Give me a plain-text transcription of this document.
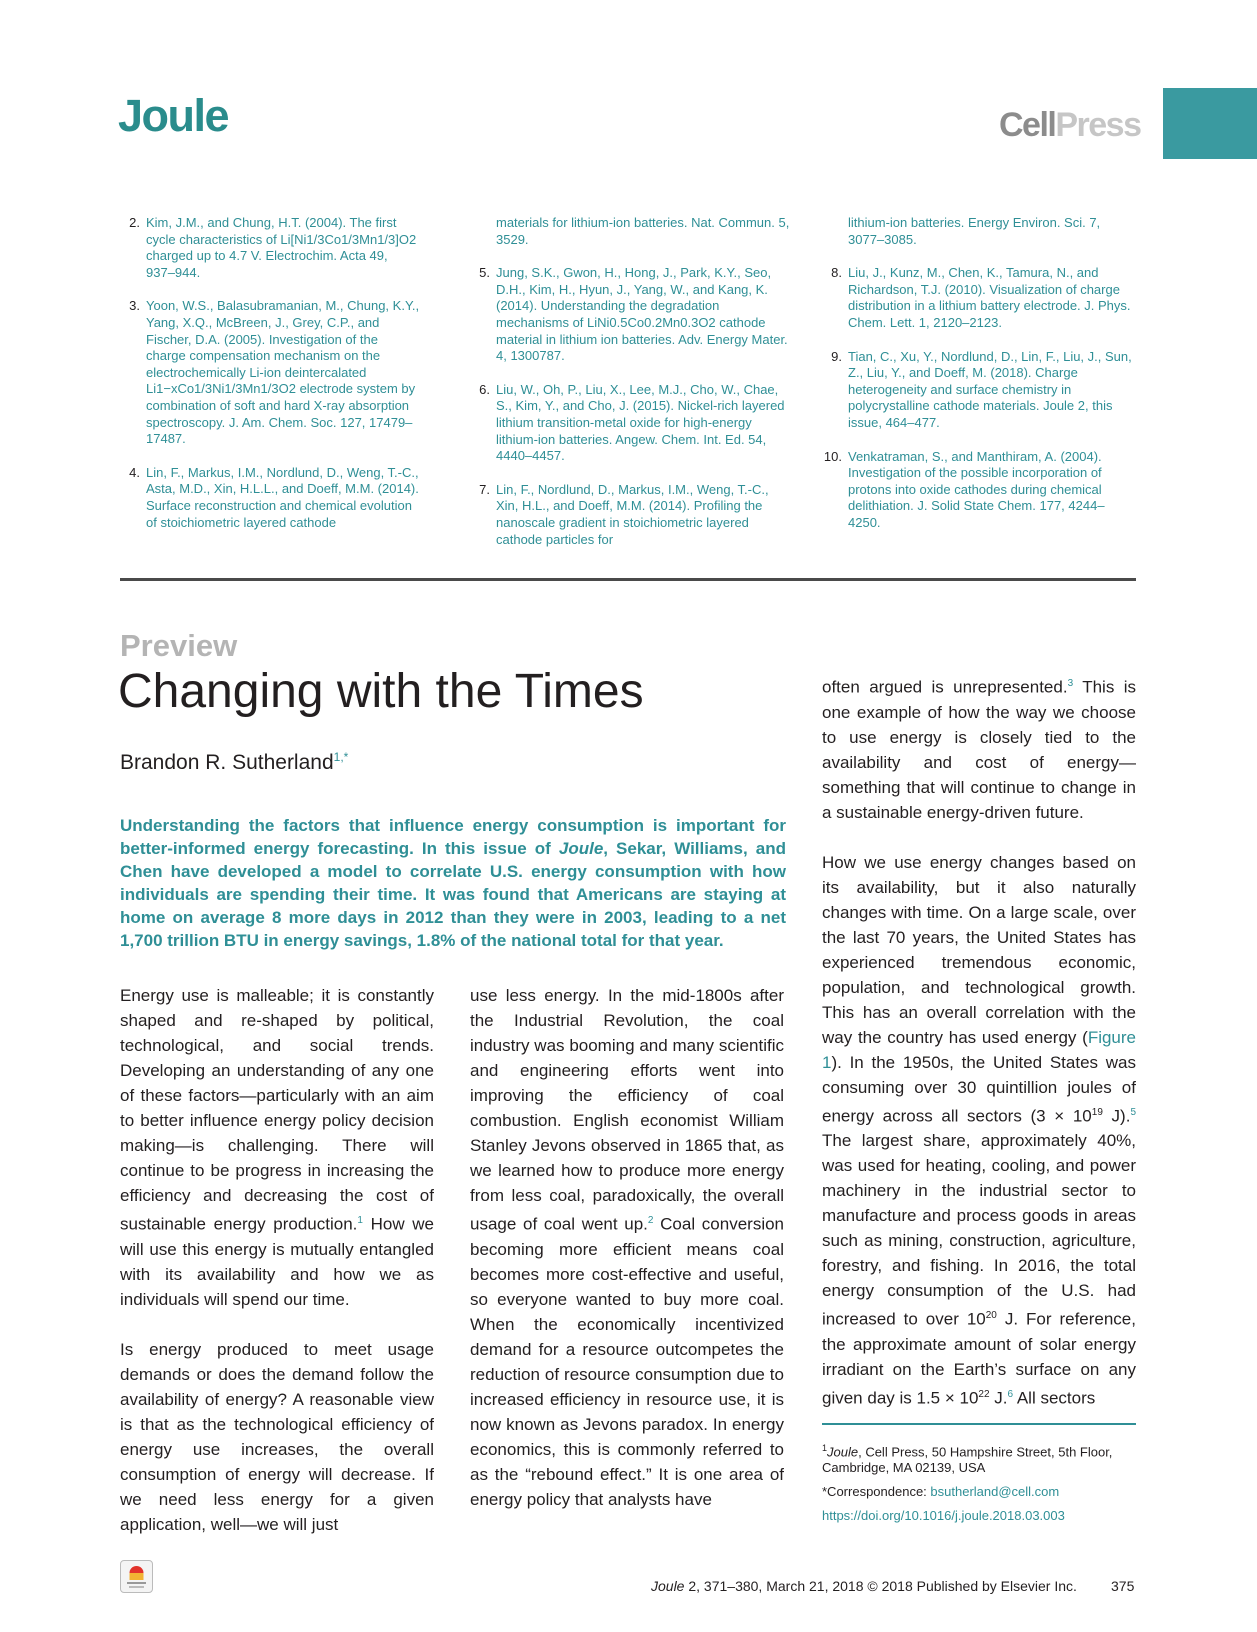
Joule	CellPress
2. Kim, J.M., and Chung, H.T. (2004). The first cycle characteristics of Li[Ni1/3Co1/3Mn1/3]O2 charged up to 4.7 V. Electrochim. Acta 49, 937–944.
3. Yoon, W.S., Balasubramanian, M., Chung, K.Y., Yang, X.Q., McBreen, J., Grey, C.P., and Fischer, D.A. (2005). Investigation of the charge compensation mechanism on the electrochemically Li-ion deintercalated Li1−xCo1/3Ni1/3Mn1/3O2 electrode system by combination of soft and hard X-ray absorption spectroscopy. J. Am. Chem. Soc. 127, 17479–17487.
4. Lin, F., Markus, I.M., Nordlund, D., Weng, T.-C., Asta, M.D., Xin, H.L.L., and Doeff, M.M. (2014). Surface reconstruction and chemical evolution of stoichiometric layered cathode
materials for lithium-ion batteries. Nat. Commun. 5, 3529.
5. Jung, S.K., Gwon, H., Hong, J., Park, K.Y., Seo, D.H., Kim, H., Hyun, J., Yang, W., and Kang, K. (2014). Understanding the degradation mechanisms of LiNi0.5Co0.2Mn0.3O2 cathode material in lithium ion batteries. Adv. Energy Mater. 4, 1300787.
6. Liu, W., Oh, P., Liu, X., Lee, M.J., Cho, W., Chae, S., Kim, Y., and Cho, J. (2015). Nickel-rich layered lithium transition-metal oxide for high-energy lithium-ion batteries. Angew. Chem. Int. Ed. 54, 4440–4457.
7. Lin, F., Nordlund, D., Markus, I.M., Weng, T.-C., Xin, H.L., and Doeff, M.M. (2014). Profiling the nanoscale gradient in stoichiometric layered cathode particles for
lithium-ion batteries. Energy Environ. Sci. 7, 3077–3085.
8. Liu, J., Kunz, M., Chen, K., Tamura, N., and Richardson, T.J. (2010). Visualization of charge distribution in a lithium battery electrode. J. Phys. Chem. Lett. 1, 2120–2123.
9. Tian, C., Xu, Y., Nordlund, D., Lin, F., Liu, J., Sun, Z., Liu, Y., and Doeff, M. (2018). Charge heterogeneity and surface chemistry in polycrystalline cathode materials. Joule 2, this issue, 464–477.
10. Venkatraman, S., and Manthiram, A. (2004). Investigation of the possible incorporation of protons into oxide cathodes during chemical delithiation. J. Solid State Chem. 177, 4244–4250.
Preview
Changing with the Times
Brandon R. Sutherland$^{1,*}$
Understanding the factors that influence energy consumption is important for better-informed energy forecasting. In this issue of Joule, Sekar, Williams, and Chen have developed a model to correlate U.S. energy consumption with how individuals are spending their time. It was found that Americans are staying at home on average 8 more days in 2012 than they were in 2003, leading to a net 1,700 trillion BTU in energy savings, 1.8% of the national total for that year.

Energy use is malleable; it is constantly shaped and re-shaped by political, technological, and social trends. Developing an understanding of any one of these factors—particularly with an aim to better influence energy policy decision making—is challenging. There will continue to be progress in increasing the efficiency and decreasing the cost of sustainable energy production.$^1$ How we will use this energy is mutually entangled with its availability and how we as individuals will spend our time.

Is energy produced to meet usage demands or does the demand follow the availability of energy? A reasonable view is that as the technological efficiency of energy use increases, the overall consumption of energy will decrease. If we need less energy for a given application, well—we will just

use less energy. In the mid-1800s after the Industrial Revolution, the coal industry was booming and many scientific and engineering efforts went into improving the efficiency of coal combustion. English economist William Stanley Jevons observed in 1865 that, as we learned how to produce more energy from less coal, paradoxically, the overall usage of coal went up.$^2$ Coal conversion becoming more efficient means coal becomes more cost-effective and useful, so everyone wanted to buy more coal. When the economically incentivized demand for a resource outcompetes the reduction of resource consumption due to increased efficiency in resource use, it is now known as Jevons paradox. In energy economics, this is commonly referred to as the “rebound effect.” It is one area of energy policy that analysts have

often argued is unrepresented.$^3$ This is one example of how the way we choose to use energy is closely tied to the availability and cost of energy—something that will continue to change in a sustainable energy-driven future.

How we use energy changes based on its availability, but it also naturally changes with time. On a large scale, over the last 70 years, the United States has experienced tremendous economic, population, and technological growth. This has an overall correlation with the way the country has used energy (Figure 1). In the 1950s, the United States was consuming over 30 quintillion joules of energy across all sectors ($3 \times 10^{19}$ J).$^5$ The largest share, approximately 40%, was used for heating, cooling, and power machinery in the industrial sector to manufacture and process goods in areas such as mining, construction, agriculture, forestry, and fishing. In 2016, the total energy consumption of the U.S. had increased to over $10^{20}$ J. For reference, the approximate amount of solar energy irradiant on the Earth’s surface on any given day is $1.5 \times 10^{22}$ J.$^6$ All sectors

$^1$Joule, Cell Press, 50 Hampshire Street, 5th Floor, Cambridge, MA 02139, USA
*Correspondence: bsutherland@cell.com
https://doi.org/10.1016/j.joule.2018.03.003
Joule 2, 371–380, March 21, 2018 © 2018 Published by Elsevier Inc. 375
